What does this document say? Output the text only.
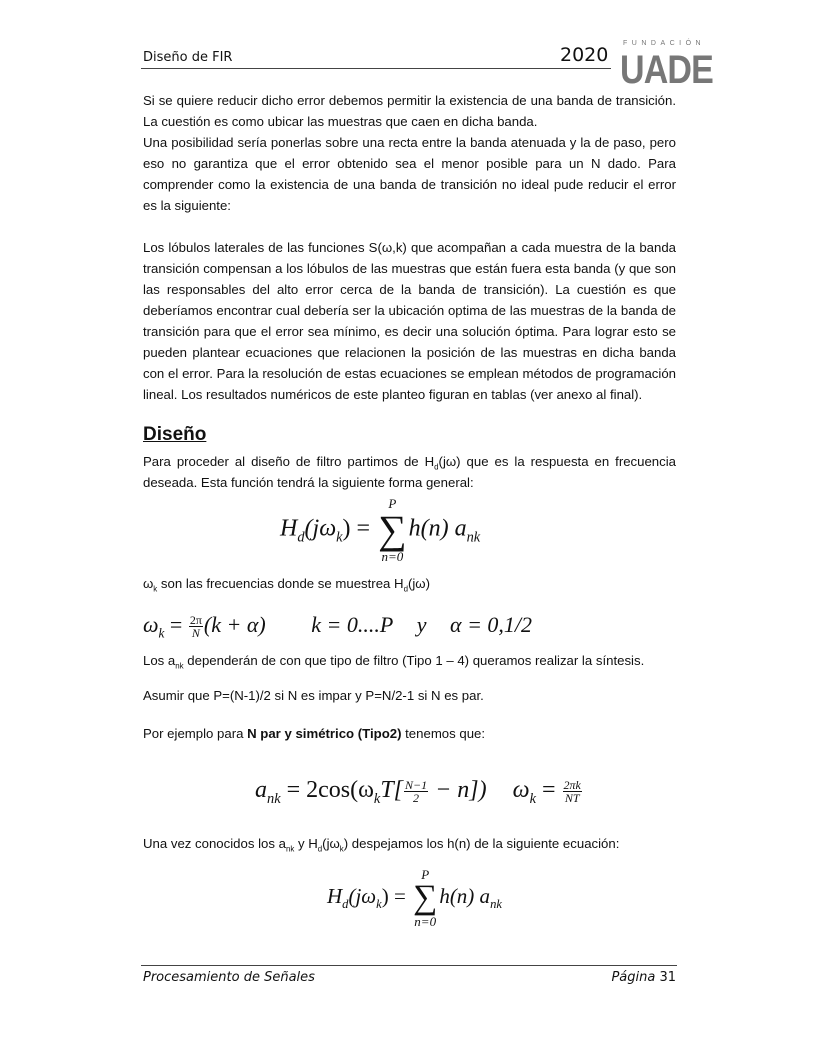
Diseño de FIR	2020
FUNDACIÓN
UADE

Si se quiere reducir dicho error debemos permitir la existencia de una banda de transición. La cuestión es como ubicar las muestras que caen en dicha banda.

Una posibilidad sería ponerlas sobre una recta entre la banda atenuada y la de paso, pero eso no garantiza que el error obtenido sea el menor posible para un N dado. Para comprender como la existencia de una banda de transición no ideal pude reducir el error es la siguiente:

Los lóbulos laterales de las funciones S(ω,k) que acompañan a cada muestra de la banda transición compensan a los lóbulos de las muestras que están fuera esta banda (y que son las responsables del alto error cerca de la banda de transición). La cuestión es que deberíamos encontrar cual debería ser la ubicación optima de las muestras de la banda de transición para que el error sea mínimo, es decir una solución óptima. Para lograr esto se pueden plantear ecuaciones que relacionen la posición de las muestras en dicha banda con el error. Para la resolución de estas ecuaciones se emplean métodos de programación lineal. Los resultados numéricos de este planteo figuran en tablas (ver anexo al final).

Diseño
Para proceder al diseño de filtro partimos de $H_d(j\omega)$ que es la respuesta en frecuencia deseada. Esta función tendrá la siguiente forma general:
$H_d(j\omega_k)$ =
P
∑
n=0
h(n) $a_{nk}$
$\omega_k$ son las frecuencias donde se muestrea $H_d(j\omega)$
$\omega_k = \frac{2\pi}{N} (k + \alpha) k = 0....P$ y α = 0,1/2
Los $a_{nk}$ dependerán de con que tipo de filtro (Tipo 1 – 4) queramos realizar la síntesis.
Asumir que P=(N-1)/2 si N es impar y P=N/2-1 si N es par.
Por ejemplo para N par y simétrico (Tipo2) tenemos que:
$a_{nk} = 2\cos(\omega_kT[ \frac{N-1}{2} - n]) \omega_k = \frac{2\pi k}{NT}$
Una vez conocidos los $a_{nk}$ y $H_d(j\omega_k)$ despejamos los h(n) de la siguiente ecuación:
$H_d(j\omega_k)$ =
P
∑
n=0
h(n) $a_{nk}$
Procesamiento de Señales	Página 31
